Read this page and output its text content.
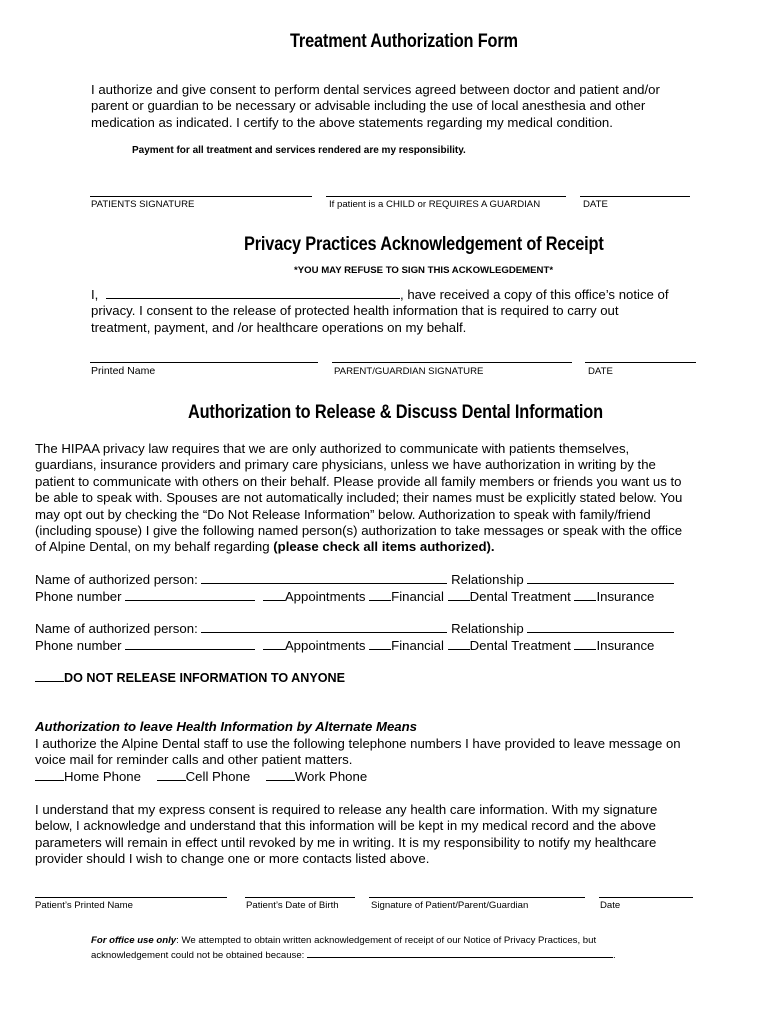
Treatment Authorization Form
I authorize and give consent to perform dental services agreed between doctor and patient and/or
parent or guardian to be necessary or advisable including the use of local anesthesia and other
medication as indicated. I certify to the above statements regarding my medical condition.
Payment for all treatment and services rendered are my responsibility.
PATIENTS SIGNATURE	If patient is a CHILD or REQUIRES A GUARDIAN	DATE
Privacy Practices Acknowledgement of Receipt
*YOU MAY REFUSE TO SIGN THIS ACKOWLEGDEMENT*
I,	, have received a copy of this office’s notice of
privacy. I consent to the release of protected health information that is required to carry out
treatment, payment, and /or healthcare operations on my behalf.
Printed Name	PARENT/GUARDIAN SIGNATURE	DATE
Authorization to Release & Discuss Dental Information
The HIPAA privacy law requires that we are only authorized to communicate with patients themselves,
guardians, insurance providers and primary care physicians, unless we have authorization in writing by the
patient to communicate with others on their behalf. Please provide all family members or friends you want us to
be able to speak with. Spouses are not automatically included; their names must be explicitly stated below. You
may opt out by checking the “Do Not Release Information” below. Authorization to speak with family/friend
(including spouse) I give the following named person(s) authorization to take messages or speak with the office
of Alpine Dental, on my behalf regarding (please check all items authorized).
Name of authorized person:	Relationship
Phone number	Appointments Financial Dental Treatment Insurance
Name of authorized person:	Relationship
Phone number	Appointments Financial Dental Treatment Insurance
DO NOT RELEASE INFORMATION TO ANYONE
Authorization to leave Health Information by Alternate Means
I authorize the Alpine Dental staff to use the following telephone numbers I have provided to leave message on
voice mail for reminder calls and other patient matters.
Home Phone	Cell Phone	Work Phone
I understand that my express consent is required to release any health care information. With my signature
below, I acknowledge and understand that this information will be kept in my medical record and the above
parameters will remain in effect until revoked by me in writing. It is my responsibility to notify my healthcare
provider should I wish to change one or more contacts listed above.
Patient’s Printed Name	Patient’s Date of Birth	Signature of Patient/Parent/Guardian	Date
For office use only: We attempted to obtain written acknowledgement of receipt of our Notice of Privacy Practices, but
acknowledgement could not be obtained because:	.
